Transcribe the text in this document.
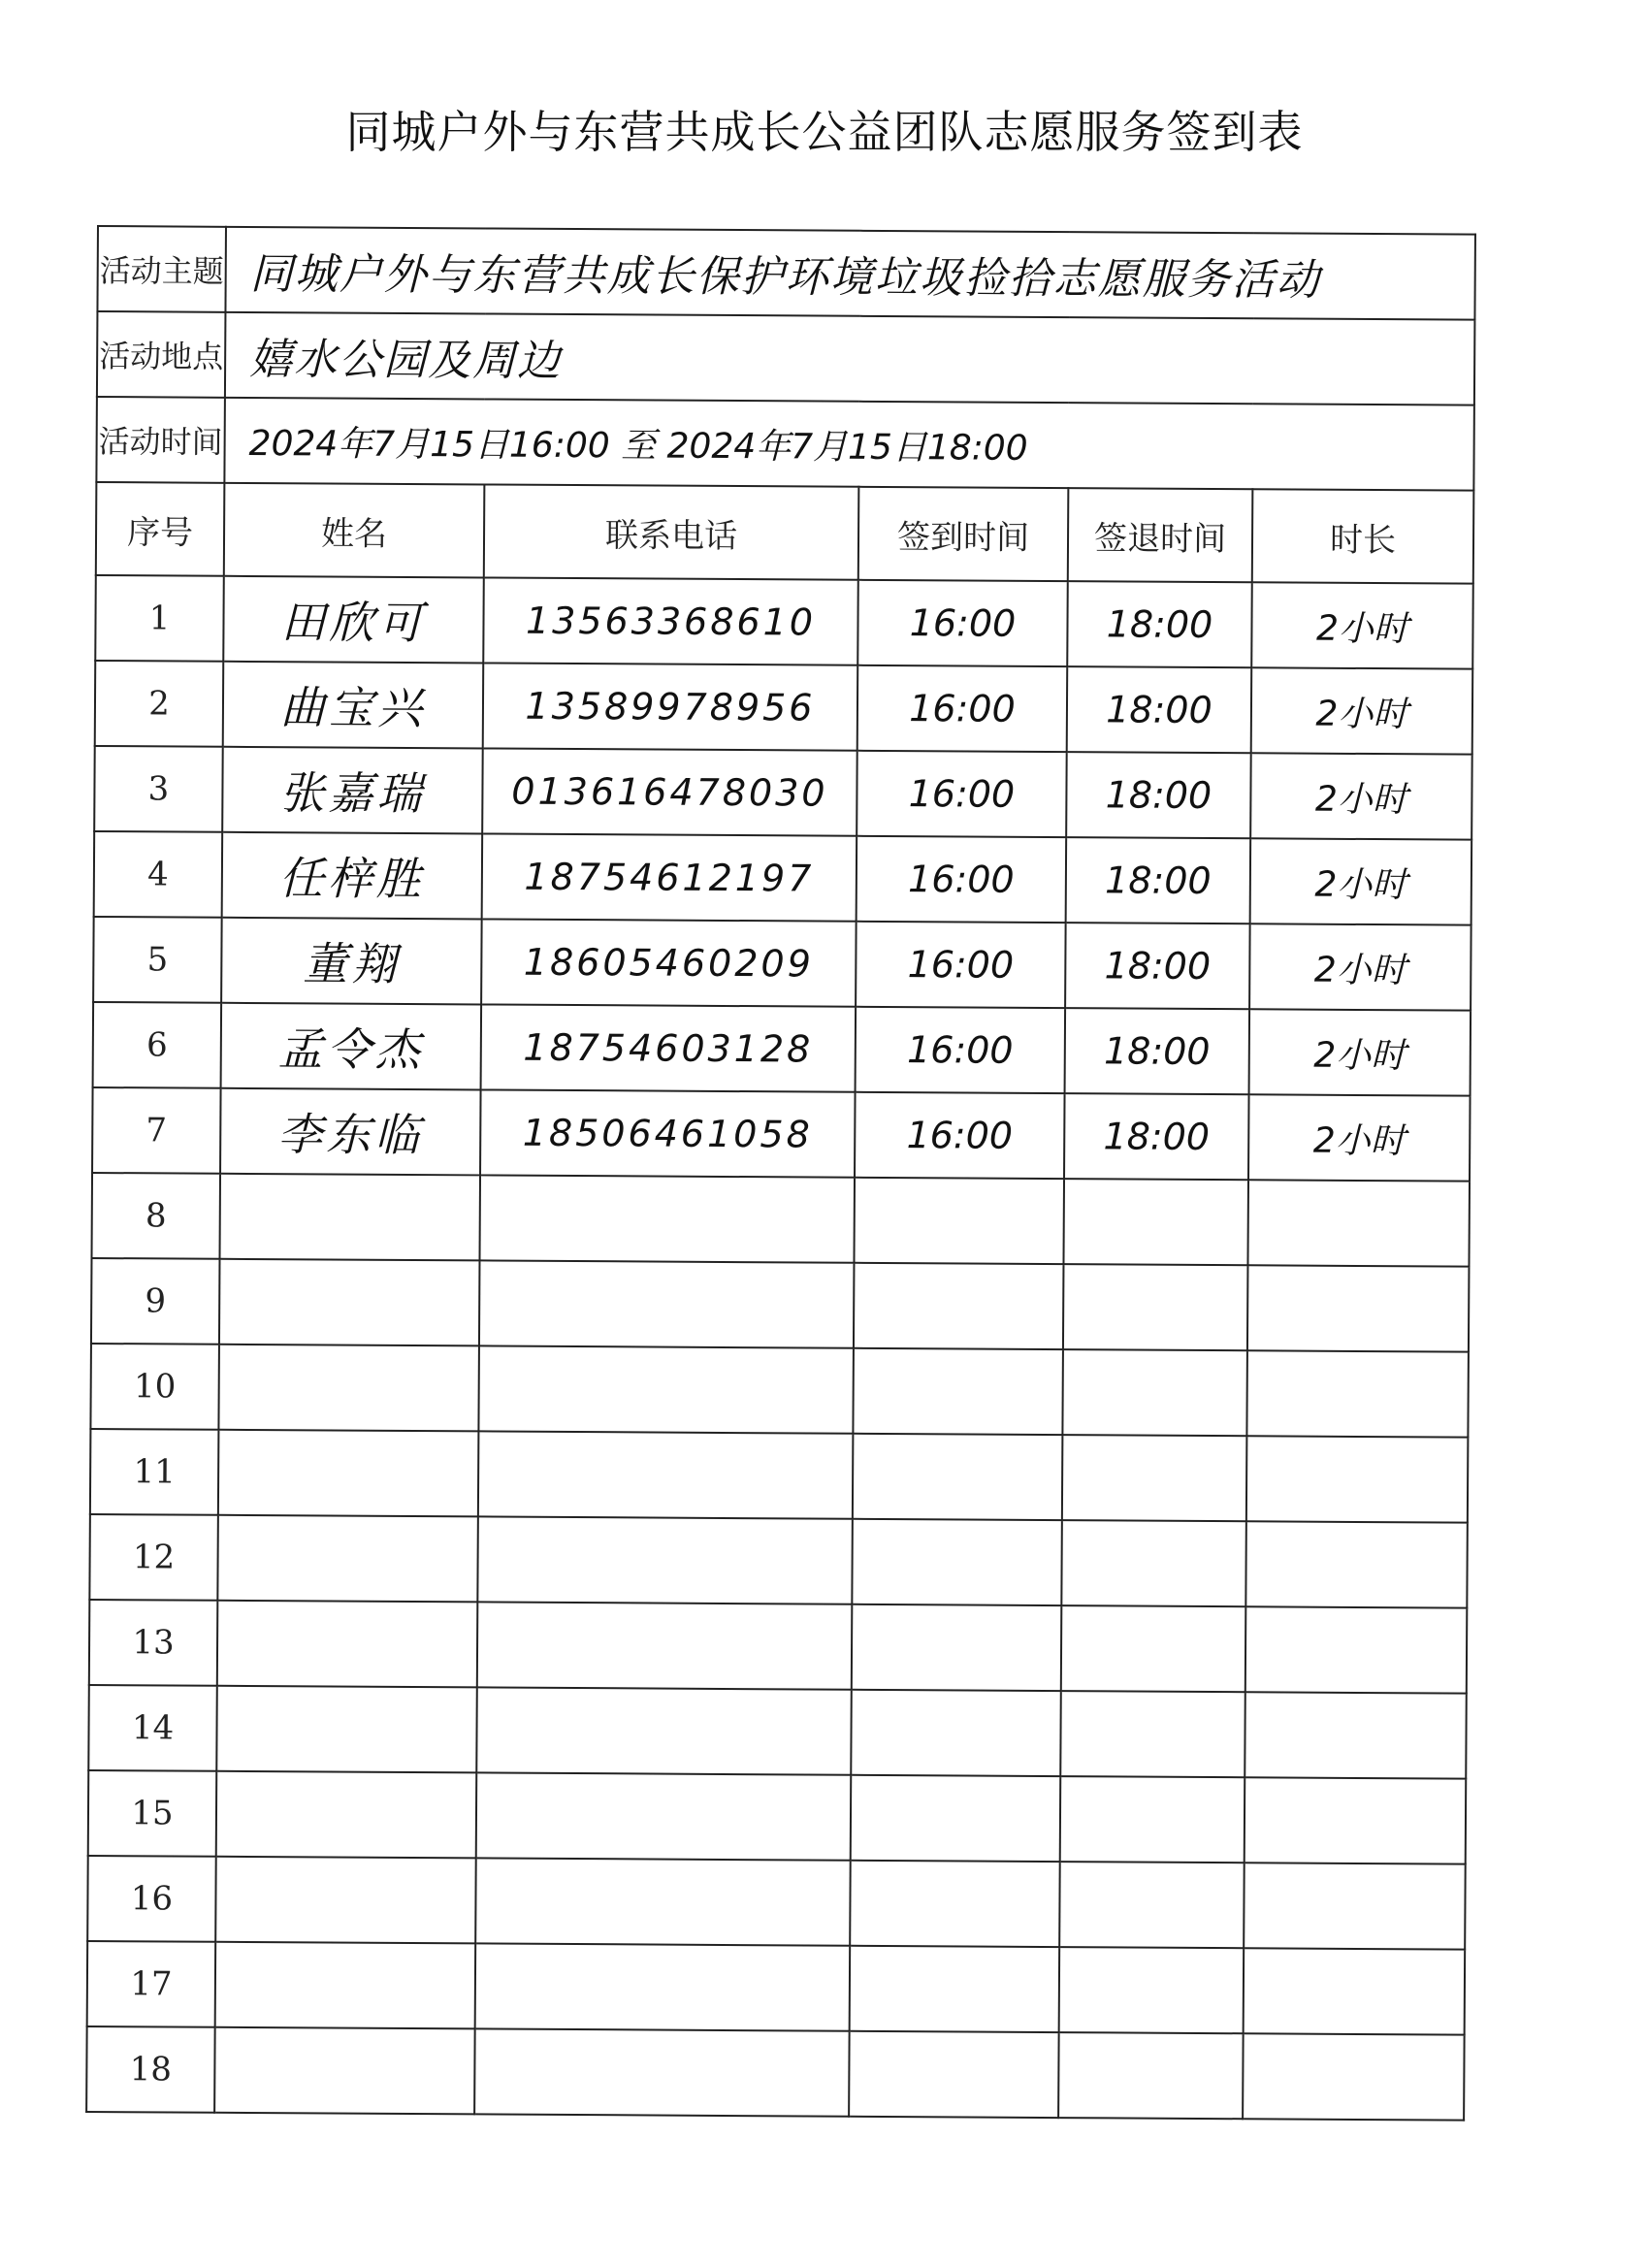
同城户外与东营共成长公益团队志愿服务签到表
活动主题	同城户外与东营共成长保护环境垃圾捡拾志愿服务活动				
活动地点	嬉水公园及周边				
活动时间	2024年7月15日16:00 至 2024年7月15日18:00				
序号	姓名	联系电话	签到时间	签退时间	时长
1	田欣可	13563368610	16:00	18:00	2小时
2	曲宝兴	13589978956	16:00	18:00	2小时
3	张嘉瑞	013616478030	16:00	18:00	2小时
4	任梓胜	18754612197	16:00	18:00	2小时
5	董翔	18605460209	16:00	18:00	2小时
6	孟令杰	18754603128	16:00	18:00	2小时
7	李东临	18506461058	16:00	18:00	2小时
8					
9					
10					
11					
12					
13					
14					
15					
16					
17					
18					
